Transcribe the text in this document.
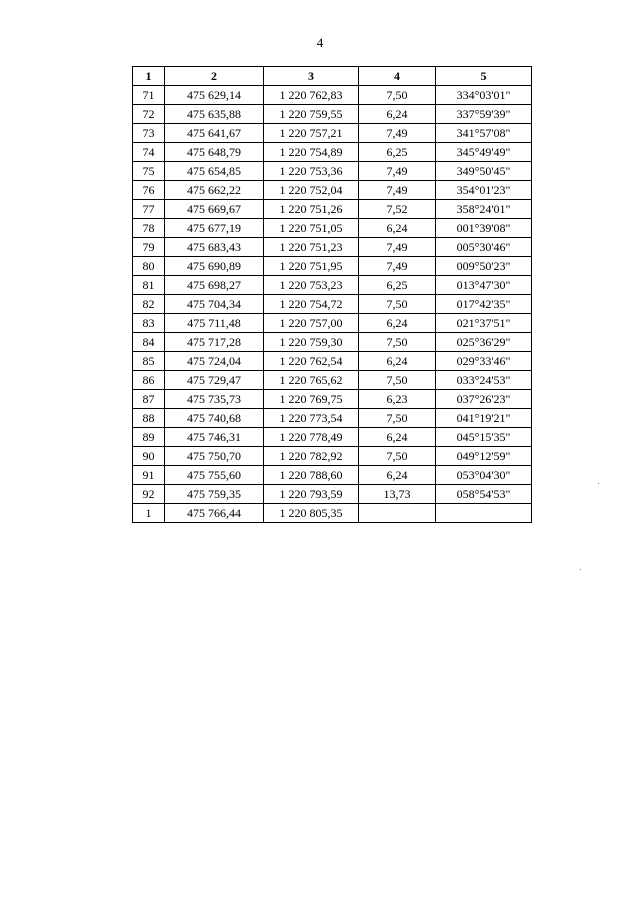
4
1	2	3	4	5
71	475 629,14	1 220 762,83	7,50	334°03'01"
72	475 635,88	1 220 759,55	6,24	337°59'39"
73	475 641,67	1 220 757,21	7,49	341°57'08"
74	475 648,79	1 220 754,89	6,25	345°49'49"
75	475 654,85	1 220 753,36	7,49	349°50'45"
76	475 662,22	1 220 752,04	7,49	354°01'23"
77	475 669,67	1 220 751,26	7,52	358°24'01"
78	475 677,19	1 220 751,05	6,24	001°39'08"
79	475 683,43	1 220 751,23	7,49	005°30'46"
80	475 690,89	1 220 751,95	7,49	009°50'23"
81	475 698,27	1 220 753,23	6,25	013°47'30"
82	475 704,34	1 220 754,72	7,50	017°42'35"
83	475 711,48	1 220 757,00	6,24	021°37'51"
84	475 717,28	1 220 759,30	7,50	025°36'29"
85	475 724,04	1 220 762,54	6,24	029°33'46"
86	475 729,47	1 220 765,62	7,50	033°24'53"
87	475 735,73	1 220 769,75	6,23	037°26'23"
88	475 740,68	1 220 773,54	7,50	041°19'21"
89	475 746,31	1 220 778,49	6,24	045°15'35"
90	475 750,70	1 220 782,92	7,50	049°12'59"
91	475 755,60	1 220 788,60	6,24	053°04'30"
92	475 759,35	1 220 793,59	13,73	058°54'53"
1	475 766,44	1 220 805,35		
